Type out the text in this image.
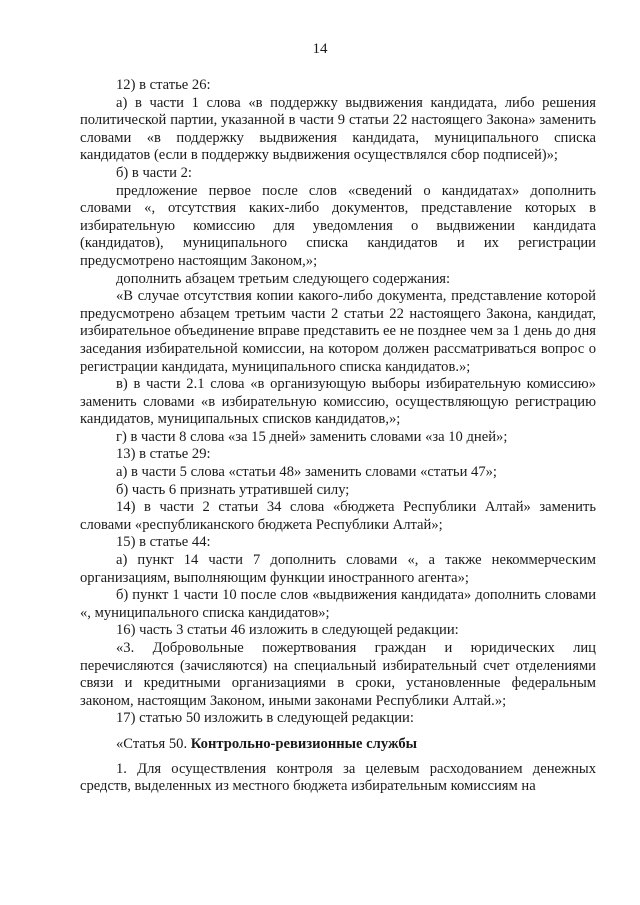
14

12) в статье 26:

а) в части 1 слова «в поддержку выдвижения кандидата, либо решения политической партии, указанной в части 9 статьи 22 настоящего Закона» заменить словами «в поддержку выдвижения кандидата, муниципального списка кандидатов (если в поддержку выдвижения осуществлялся сбор подписей)»;

б) в части 2:

предложение первое после слов «сведений о кандидатах» дополнить словами «, отсутствия каких-либо документов, представление которых в избирательную комиссию для уведомления о выдвижении кандидата (кандидатов), муниципального списка кандидатов и их регистрации предусмотрено настоящим Законом,»;

дополнить абзацем третьим следующего содержания:

«В случае отсутствия копии какого-либо документа, представление которой предусмотрено абзацем третьим части 2 статьи 22 настоящего Закона, кандидат, избирательное объединение вправе представить ее не позднее чем за 1 день до дня заседания избирательной комиссии, на котором должен рассматриваться вопрос о регистрации кандидата, муниципального списка кандидатов.»;

в) в части 2.1 слова «в организующую выборы избирательную комиссию» заменить словами «в избирательную комиссию, осуществляющую регистрацию кандидатов, муниципальных списков кандидатов,»;

г) в части 8 слова «за 15 дней» заменить словами «за 10 дней»;

13) в статье 29:

а) в части 5 слова «статьи 48» заменить словами «статьи 47»;

б) часть 6 признать утратившей силу;

14) в части 2 статьи 34 слова «бюджета Республики Алтай» заменить словами «республиканского бюджета Республики Алтай»;

15) в статье 44:

а) пункт 14 части 7 дополнить словами «, а также некоммерческим организациям, выполняющим функции иностранного агента»;

б) пункт 1 части 10 после слов «выдвижения кандидата» дополнить словами «, муниципального списка кандидатов»;

16) часть 3 статьи 46 изложить в следующей редакции:

«3. Добровольные пожертвования граждан и юридических лиц перечисляются (зачисляются) на специальный избирательный счет отделениями связи и кредитными организациями в сроки, установленные федеральным законом, настоящим Законом, иными законами Республики Алтай.»;

17) статью 50 изложить в следующей редакции:

«Статья 50. Контрольно-ревизионные службы

1. Для осуществления контроля за целевым расходованием денежных средств, выделенных из местного бюджета избирательным комиссиям на
